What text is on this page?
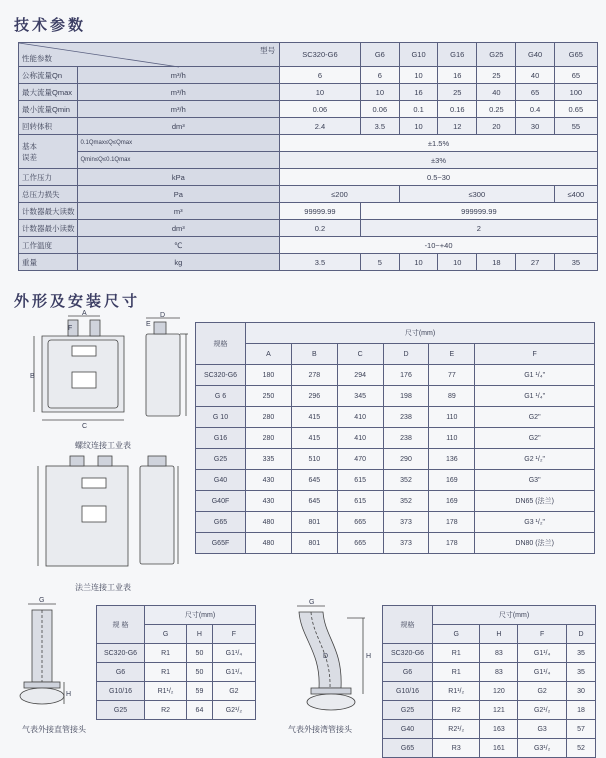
技术参数
型号
性能参数		SC320-G6	G6	G10	G16	G25	G40	G65
公称流量Qn	m³/h	6	6	10	16	25	40	65
最大流量Qmax	m³/h	10	10	16	25	40	65	100
最小流量Qmin	m³/h	0.06	0.06	0.1	0.16	0.25	0.4	0.65
回转体积	dm³	2.4	3.5	10	12	20	30	55
基本
误差	0.1Qmax≤Q≤Qmax	±1.5%						
	Qmin≤Q≤0.1Qmax	±3%						
工作压力	kPa	0.5~30						
总压力损失	Pa	≤200		≤300				≤400
计数器最大读数	m³	99999.99	999999.99					
计数器最小读数	dm³	0.2	2					
工作温度	℃	-10~+40						
重量	kg	3.5	5	10	10	18	27	35
外形及安装尺寸
B
C
A
F
E
D
螺纹连接工业表
法兰连接工业表
规格	尺寸(mm)					
	A	B	C	D	E	F
SC320-G6	180	278	294	176	77	G1 ¹/₄"
G 6	250	296	345	198	89	G1 ¹/₄"
G 10	280	415	410	238	110	G2"
G16	280	415	410	238	110	G2"
G25	335	510	470	290	136	G2 ¹/₂"
G40	430	645	615	352	169	G3"
G40F	430	645	615	352	169	DN65 (法兰)
G65	480	801	665	373	178	G3 ¹/₂"
G65F	480	801	665	373	178	DN80 (法兰)
G
H
气表外接直管接头
规 格	尺寸(mm)		
	G	H	F
SC320-G6	R1	50	G1¹/₄
G6	R1	50	G1¹/₄
G10/16	R1¹/₂	59	G2
G25	R2	64	G2¹/₂
G
H
D
气表外接湾管接头
规格	尺寸(mm)			
	G	H	F	D
SC320-G6	R1	83	G1¹/₄	35
G6	R1	83	G1¹/₄	35
G10/16	R1¹/₂	120	G2	30
G25	R2	121	G2¹/₂	18
G40	R2¹/₂	163	G3	57
G65	R3	161	G3¹/₂	52
